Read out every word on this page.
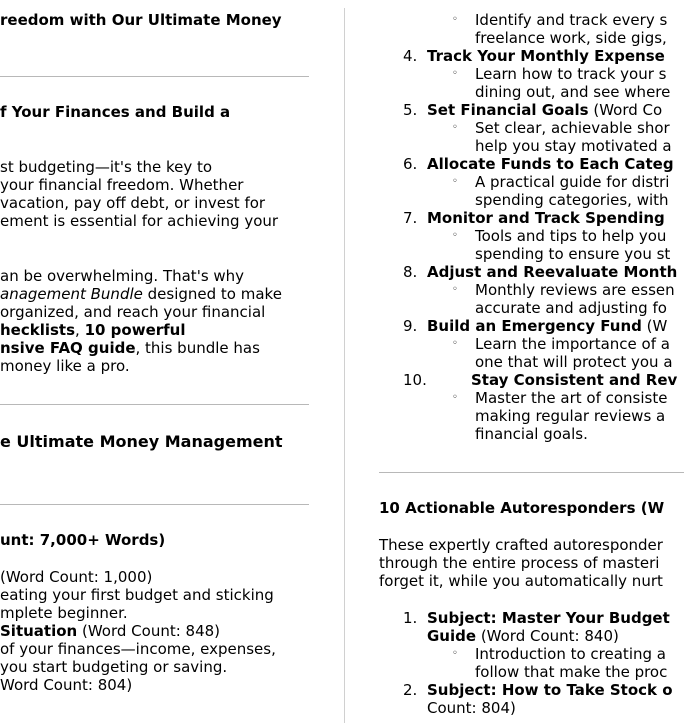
reedom with Our Ultimate Money
f Your Finances and Build a
st budgeting—it's the key to
your financial freedom. Whether
vacation, pay off debt, or invest for
ement is essential for achieving your
an be overwhelming. That's why
anagement Bundle designed to make
organized, and reach your financial
hecklists, 10 powerful
nsive FAQ guide, this bundle has
money like a pro.
e Ultimate Money Management
unt: 7,000+ Words)
(Word Count: 1,000)
eating your first budget and sticking
mplete beginner.
Situation (Word Count: 848)
of your finances—income, expenses,
you start budgeting or saving.
Word Count: 804)
◦ Identify and track every s
freelance work, side gigs,
4. Track Your Monthly Expense
◦ Learn how to track your s
dining out, and see where
5. Set Financial Goals (Word Co
◦ Set clear, achievable shor
help you stay motivated a
6. Allocate Funds to Each Categ
◦ A practical guide for distri
spending categories, with
7. Monitor and Track Spending
◦ Tools and tips to help you
spending to ensure you st
8. Adjust and Reevaluate Month
◦ Monthly reviews are essen
accurate and adjusting fo
9. Build an Emergency Fund (W
◦ Learn the importance of a
one that will protect you a
10.	Stay Consistent and Rev
◦ Master the art of consiste
making regular reviews a
financial goals.
10 Actionable Autoresponders (W
These expertly crafted autoresponder
through the entire process of masteri
forget it, while you automatically nurt
1. Subject: Master Your Budget
Guide (Word Count: 840)
◦ Introduction to creating a
follow that make the proc
2. Subject: How to Take Stock o
Count: 804)
